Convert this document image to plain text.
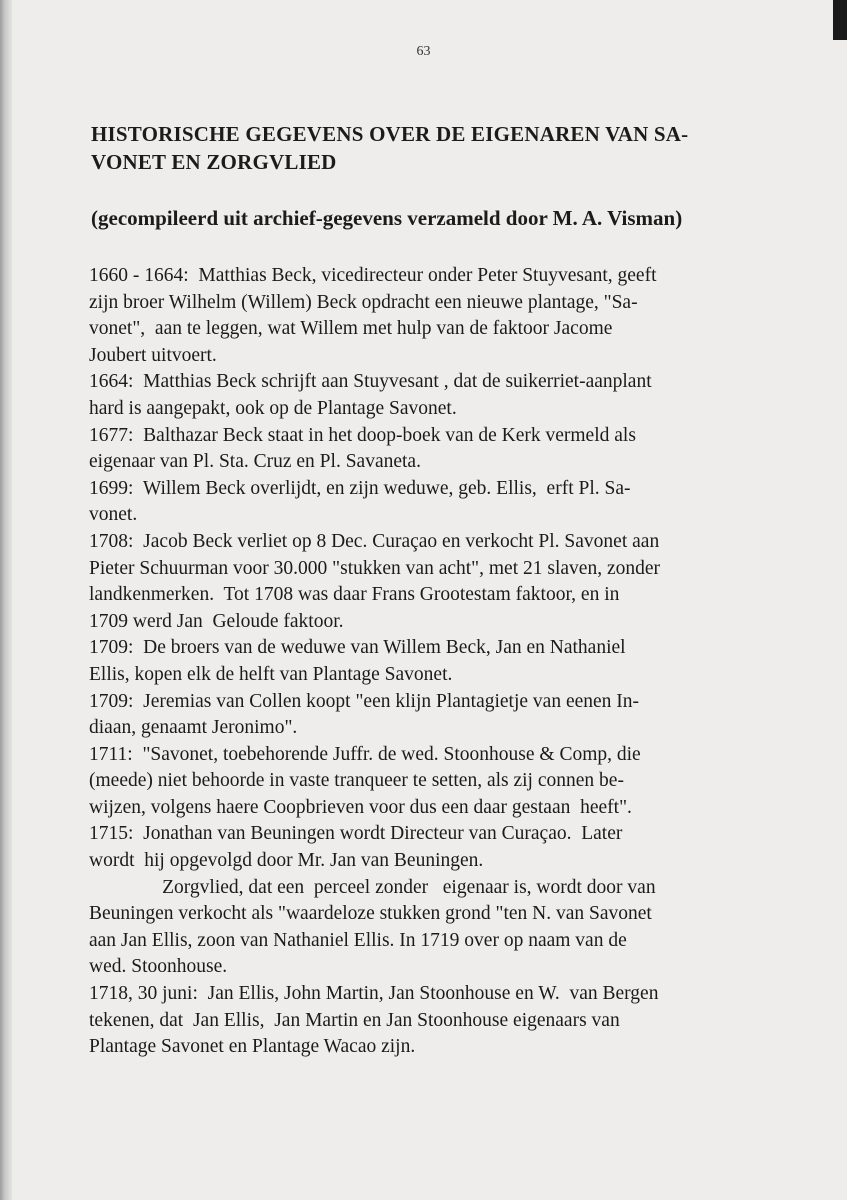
63
HISTORISCHE GEGEVENS OVER DE EIGENAREN VAN SA-
VONET EN ZORGVLIED
(gecompileerd uit archief-gegevens verzameld door M. A. Visman)
1660 - 1664:  Matthias Beck, vicedirecteur onder Peter Stuyvesant, geeft
zijn broer Wilhelm (Willem) Beck opdracht een nieuwe plantage, "Sa-
vonet",  aan te leggen, wat Willem met hulp van de faktoor Jacome
Joubert uitvoert.
1664:  Matthias Beck schrijft aan Stuyvesant , dat de suikerriet-aanplant
hard is aangepakt, ook op de Plantage Savonet.
1677:  Balthazar Beck staat in het doop-boek van de Kerk vermeld als
eigenaar van Pl. Sta. Cruz en Pl. Savaneta.
1699:  Willem Beck overlijdt, en zijn weduwe, geb. Ellis,  erft Pl. Sa-
vonet.
1708:  Jacob Beck verliet op 8 Dec. Curaçao en verkocht Pl. Savonet aan
Pieter Schuurman voor 30.000 "stukken van acht", met 21 slaven, zonder
landkenmerken.  Tot 1708 was daar Frans Grootestam faktoor, en in
1709 werd Jan  Geloude faktoor.
1709:  De broers van de weduwe van Willem Beck, Jan en Nathaniel
Ellis, kopen elk de helft van Plantage Savonet.
1709:  Jeremias van Collen koopt "een klijn Plantagietje van eenen In-
diaan, genaamt Jeronimo".
1711:  "Savonet, toebehorende Juffr. de wed. Stoonhouse & Comp, die
(meede) niet behoorde in vaste tranqueer te setten, als zij connen be-
wijzen, volgens haere Coopbrieven voor dus een daar gestaan  heeft".
1715:  Jonathan van Beuningen wordt Directeur van Curaçao.  Later
wordt  hij opgevolgd door Mr. Jan van Beuningen.
Zorgvlied, dat een  perceel zonder   eigenaar is, wordt door van
Beuningen verkocht als "waardeloze stukken grond "ten N. van Savonet
aan Jan Ellis, zoon van Nathaniel Ellis. In 1719 over op naam van de
wed. Stoonhouse.
1718, 30 juni:  Jan Ellis, John Martin, Jan Stoonhouse en W.  van Bergen
tekenen, dat  Jan Ellis,  Jan Martin en Jan Stoonhouse eigenaars van
Plantage Savonet en Plantage Wacao zijn.
